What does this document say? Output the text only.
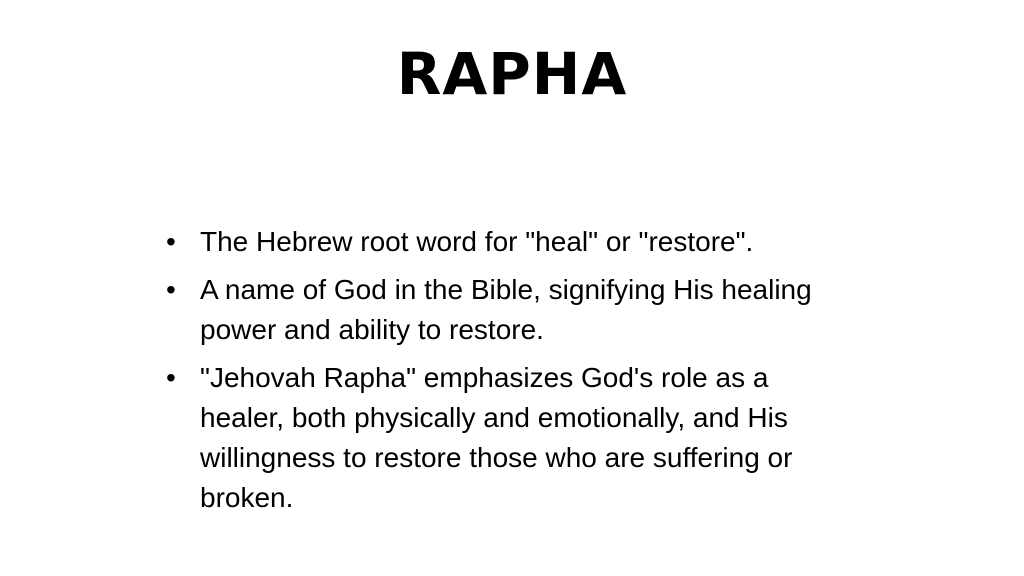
RAPHA
• The Hebrew root word for "heal" or "restore".
• A name of God in the Bible, signifying His healing power and ability to restore.
• "Jehovah Rapha" emphasizes God's role as a healer, both physically and emotionally, and His willingness to restore those who are suffering or broken.
